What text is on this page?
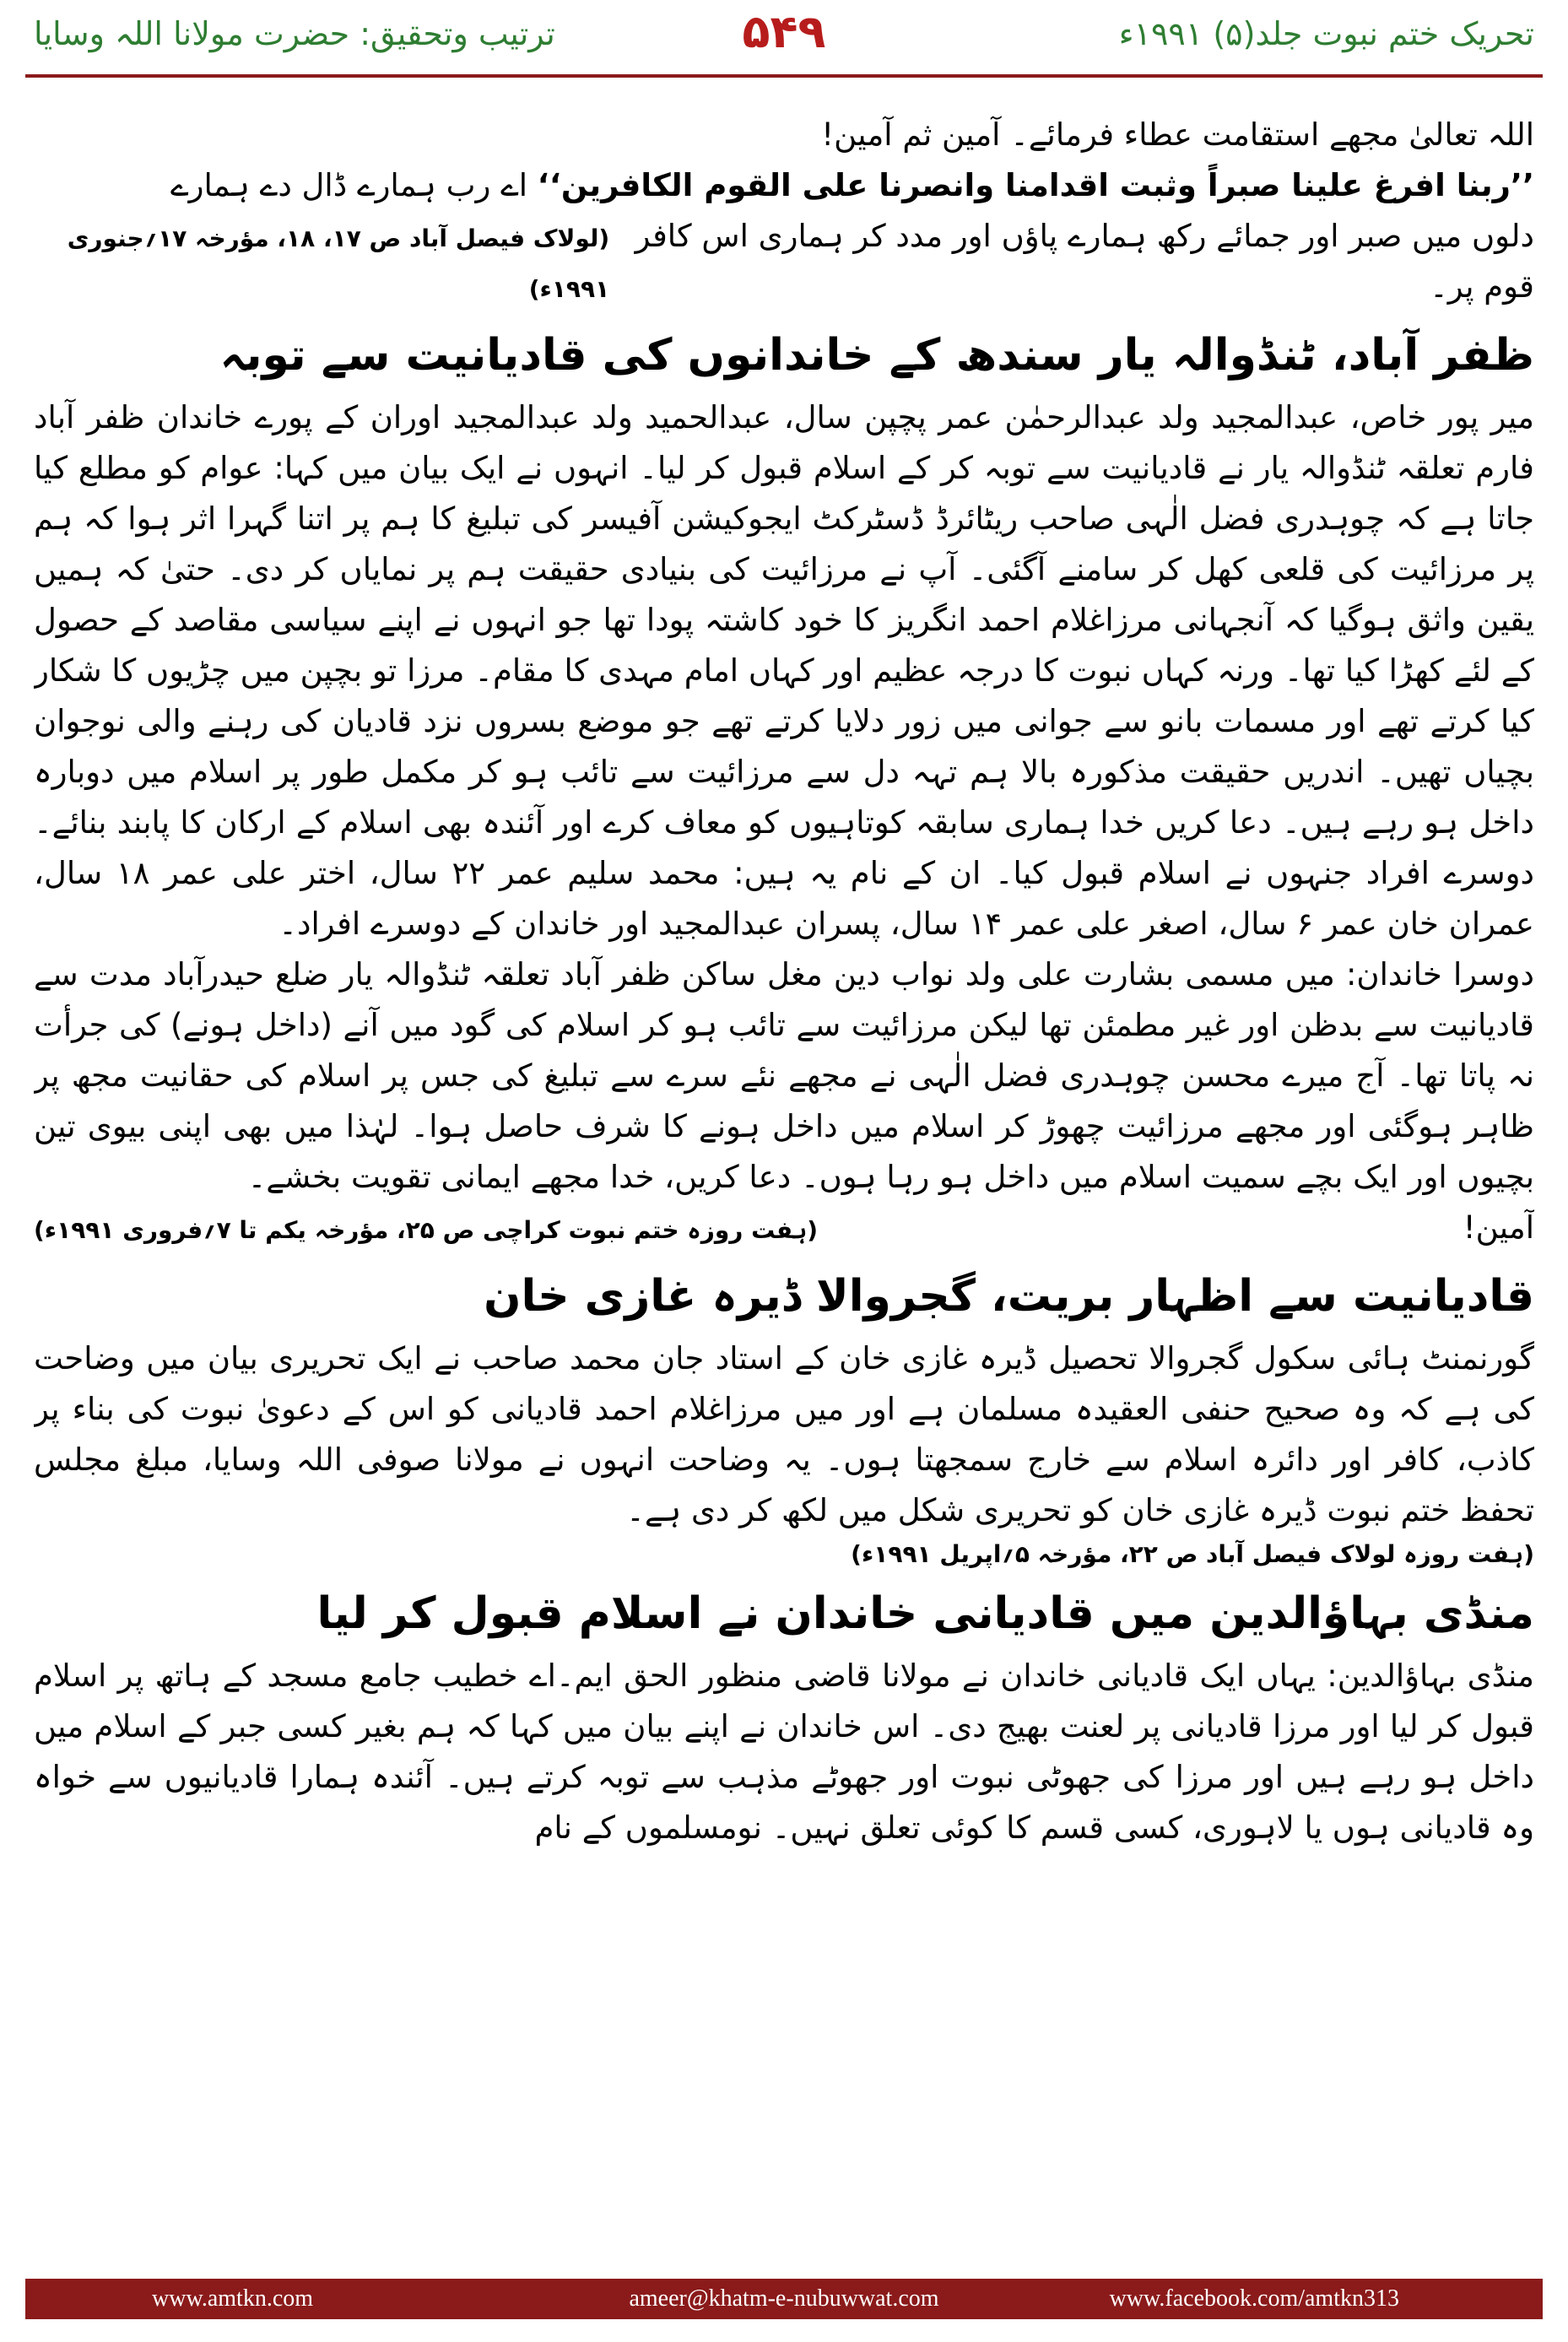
تحریک ختم نبوت جلد(۵) ۱۹۹۱ء
۵۴۹
ترتیب وتحقیق: حضرت مولانا اللہ وسایا

اللہ تعالیٰ مجھے استقامت عطاء فرمائے۔ آمین ثم آمین!

’’ربنا افرغ علینا صبراً وثبت اقدامنا وانصرنا علی القوم الکافرین‘‘ اے رب ہمارے ڈال دے ہمارے

دلوں میں صبر اور جمائے رکھ ہمارے پاؤں اور مدد کر ہماری اس کافر قوم پر۔
(لولاک فیصل آباد ص ۱۷، ۱۸، مؤرخہ ۱۷؍جنوری ۱۹۹۱ء)
ظفر آباد، ٹنڈوالہ یار سندھ کے خاندانوں کی قادیانیت سے توبہ

میر پور خاص، عبدالمجید ولد عبدالرحمٰن عمر پچپن سال، عبدالحمید ولد عبدالمجید اوران کے پورے خاندان ظفر آباد فارم تعلقہ ٹنڈوالہ یار نے قادیانیت سے توبہ کر کے اسلام قبول کر لیا۔ انہوں نے ایک بیان میں کہا: عوام کو مطلع کیا جاتا ہے کہ چوہدری فضل الٰہی صاحب ریٹائرڈ ڈسٹرکٹ ایجوکیشن آفیسر کی تبلیغ کا ہم پر اتنا گہرا اثر ہوا کہ ہم پر مرزائیت کی قلعی کھل کر سامنے آگئی۔ آپ نے مرزائیت کی بنیادی حقیقت ہم پر نمایاں کر دی۔ حتیٰ کہ ہمیں یقین واثق ہوگیا کہ آنجہانی مرزاغلام احمد انگریز کا خود کاشتہ پودا تھا جو انہوں نے اپنے سیاسی مقاصد کے حصول کے لئے کھڑا کیا تھا۔ ورنہ کہاں نبوت کا درجہ عظیم اور کہاں امام مہدی کا مقام۔ مرزا تو بچپن میں چڑیوں کا شکار کیا کرتے تھے اور مسمات بانو سے جوانی میں زور دلایا کرتے تھے جو موضع بسروں نزد قادیان کی رہنے والی نوجوان بچیاں تھیں۔ اندریں حقیقت مذکورہ بالا ہم تہہ دل سے مرزائیت سے تائب ہو کر مکمل طور پر اسلام میں دوبارہ داخل ہو رہے ہیں۔ دعا کریں خدا ہماری سابقہ کوتاہیوں کو معاف کرے اور آئندہ بھی اسلام کے ارکان کا پابند بنائے۔ دوسرے افراد جنہوں نے اسلام قبول کیا۔ ان کے نام یہ ہیں: محمد سلیم عمر ۲۲ سال، اختر علی عمر ۱۸ سال، عمران خان عمر ۶ سال، اصغر علی عمر ۱۴ سال، پسران عبدالمجید اور خاندان کے دوسرے افراد۔

دوسرا خاندان: میں مسمی بشارت علی ولد نواب دین مغل ساکن ظفر آباد تعلقہ ٹنڈوالہ یار ضلع حیدرآباد مدت سے قادیانیت سے بدظن اور غیر مطمئن تھا لیکن مرزائیت سے تائب ہو کر اسلام کی گود میں آنے (داخل ہونے) کی جرأت نہ پاتا تھا۔ آج میرے محسن چوہدری فضل الٰہی نے مجھے نئے سرے سے تبلیغ کی جس پر اسلام کی حقانیت مجھ پر ظاہر ہوگئی اور مجھے مرزائیت چھوڑ کر اسلام میں داخل ہونے کا شرف حاصل ہوا۔ لہٰذا میں بھی اپنی بیوی تین بچیوں اور ایک بچے سمیت اسلام میں داخل ہو رہا ہوں۔ دعا کریں، خدا مجھے ایمانی تقویت بخشے۔

آمین!
(ہفت روزہ ختم نبوت کراچی ص ۲۵، مؤرخہ یکم تا ۷؍فروری ۱۹۹۱ء)
قادیانیت سے اظہار بریت، گجروالا ڈیرہ غازی خان

گورنمنٹ ہائی سکول گجروالا تحصیل ڈیرہ غازی خان کے استاد جان محمد صاحب نے ایک تحریری بیان میں وضاحت کی ہے کہ وہ صحیح حنفی العقیدہ مسلمان ہے اور میں مرزاغلام احمد قادیانی کو اس کے دعویٰ نبوت کی بناء پر کاذب، کافر اور دائرہ اسلام سے خارج سمجھتا ہوں۔ یہ وضاحت انہوں نے مولانا صوفی اللہ وسایا، مبلغ مجلس تحفظ ختم نبوت ڈیرہ غازی خان کو تحریری شکل میں لکھ کر دی ہے۔

(ہفت روزہ لولاک فیصل آباد ص ۲۲، مؤرخہ ۵؍اپریل ۱۹۹۱ء)

منڈی بہاؤالدین میں قادیانی خاندان نے اسلام قبول کر لیا

منڈی بہاؤالدین: یہاں ایک قادیانی خاندان نے مولانا قاضی منظور الحق ایم۔اے خطیب جامع مسجد کے ہاتھ پر اسلام قبول کر لیا اور مرزا قادیانی پر لعنت بھیج دی۔ اس خاندان نے اپنے بیان میں کہا کہ ہم بغیر کسی جبر کے اسلام میں داخل ہو رہے ہیں اور مرزا کی جھوٹی نبوت اور جھوٹے مذہب سے توبہ کرتے ہیں۔ آئندہ ہمارا قادیانیوں سے خواہ وہ قادیانی ہوں یا لاہوری، کسی قسم کا کوئی تعلق نہیں۔ نومسلموں کے نام

ameer@khatm-e-nubuwwat.com
www.amtkn.com	www.facebook.com/amtkn313
